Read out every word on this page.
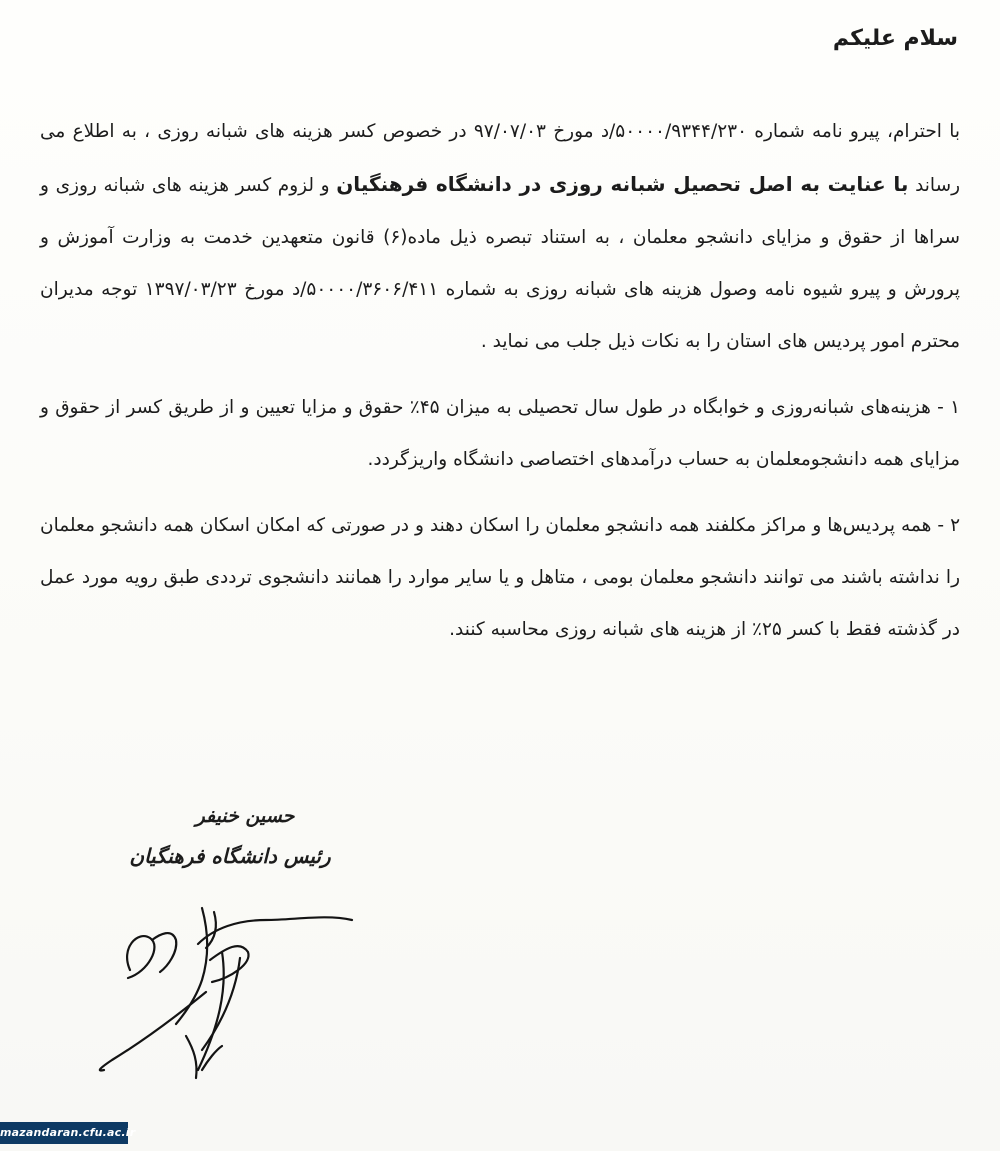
سلام علیکم

با احترام، پیرو نامه شماره ۵۰۰۰۰/۹۳۴۴/۲۳۰/د مورخ ۹۷/۰۷/۰۳ در خصوص کسر هزینه های شبانه روزی ، به اطلاع می رساند با عنایت به اصل تحصیل شبانه روزی در دانشگاه فرهنگیان و لزوم کسر هزینه های شبانه روزی و سراها از حقوق و مزایای دانشجو معلمان ، به استناد تبصره ذیل ماده(۶) قانون متعهدین خدمت به وزارت آموزش و پرورش و پیرو شیوه نامه وصول هزینه های شبانه روزی به شماره ۵۰۰۰۰/۳۶۰۶/۴۱۱/د مورخ ۱۳۹۷/۰۳/۲۳ توجه مدیران محترم امور پردیس های استان را به نکات ذیل جلب می نماید .

۱ - هزینه‌های شبانه‌روزی و خوابگاه در طول سال تحصیلی به میزان ۴۵٪ حقوق و مزایا تعیین و از طریق کسر از حقوق و مزایای همه دانشجومعلمان به حساب درآمدهای اختصاصی دانشگاه واریزگردد.

۲ - همه پردیس‌ها و مراکز مکلفند همه دانشجو معلمان را اسکان دهند و در صورتی که امکان اسکان همه دانشجو معلمان را نداشته باشند می توانند دانشجو معلمان بومی ، متاهل و یا سایر موارد را همانند دانشجوی ترددی طبق رویه مورد عمل در گذشته فقط با کسر ۲۵٪ از هزینه های شبانه روزی محاسبه کنند.

حسین خنیفر
رئیس دانشگاه فرهنگیان
mazandaran.cfu.ac.ir
